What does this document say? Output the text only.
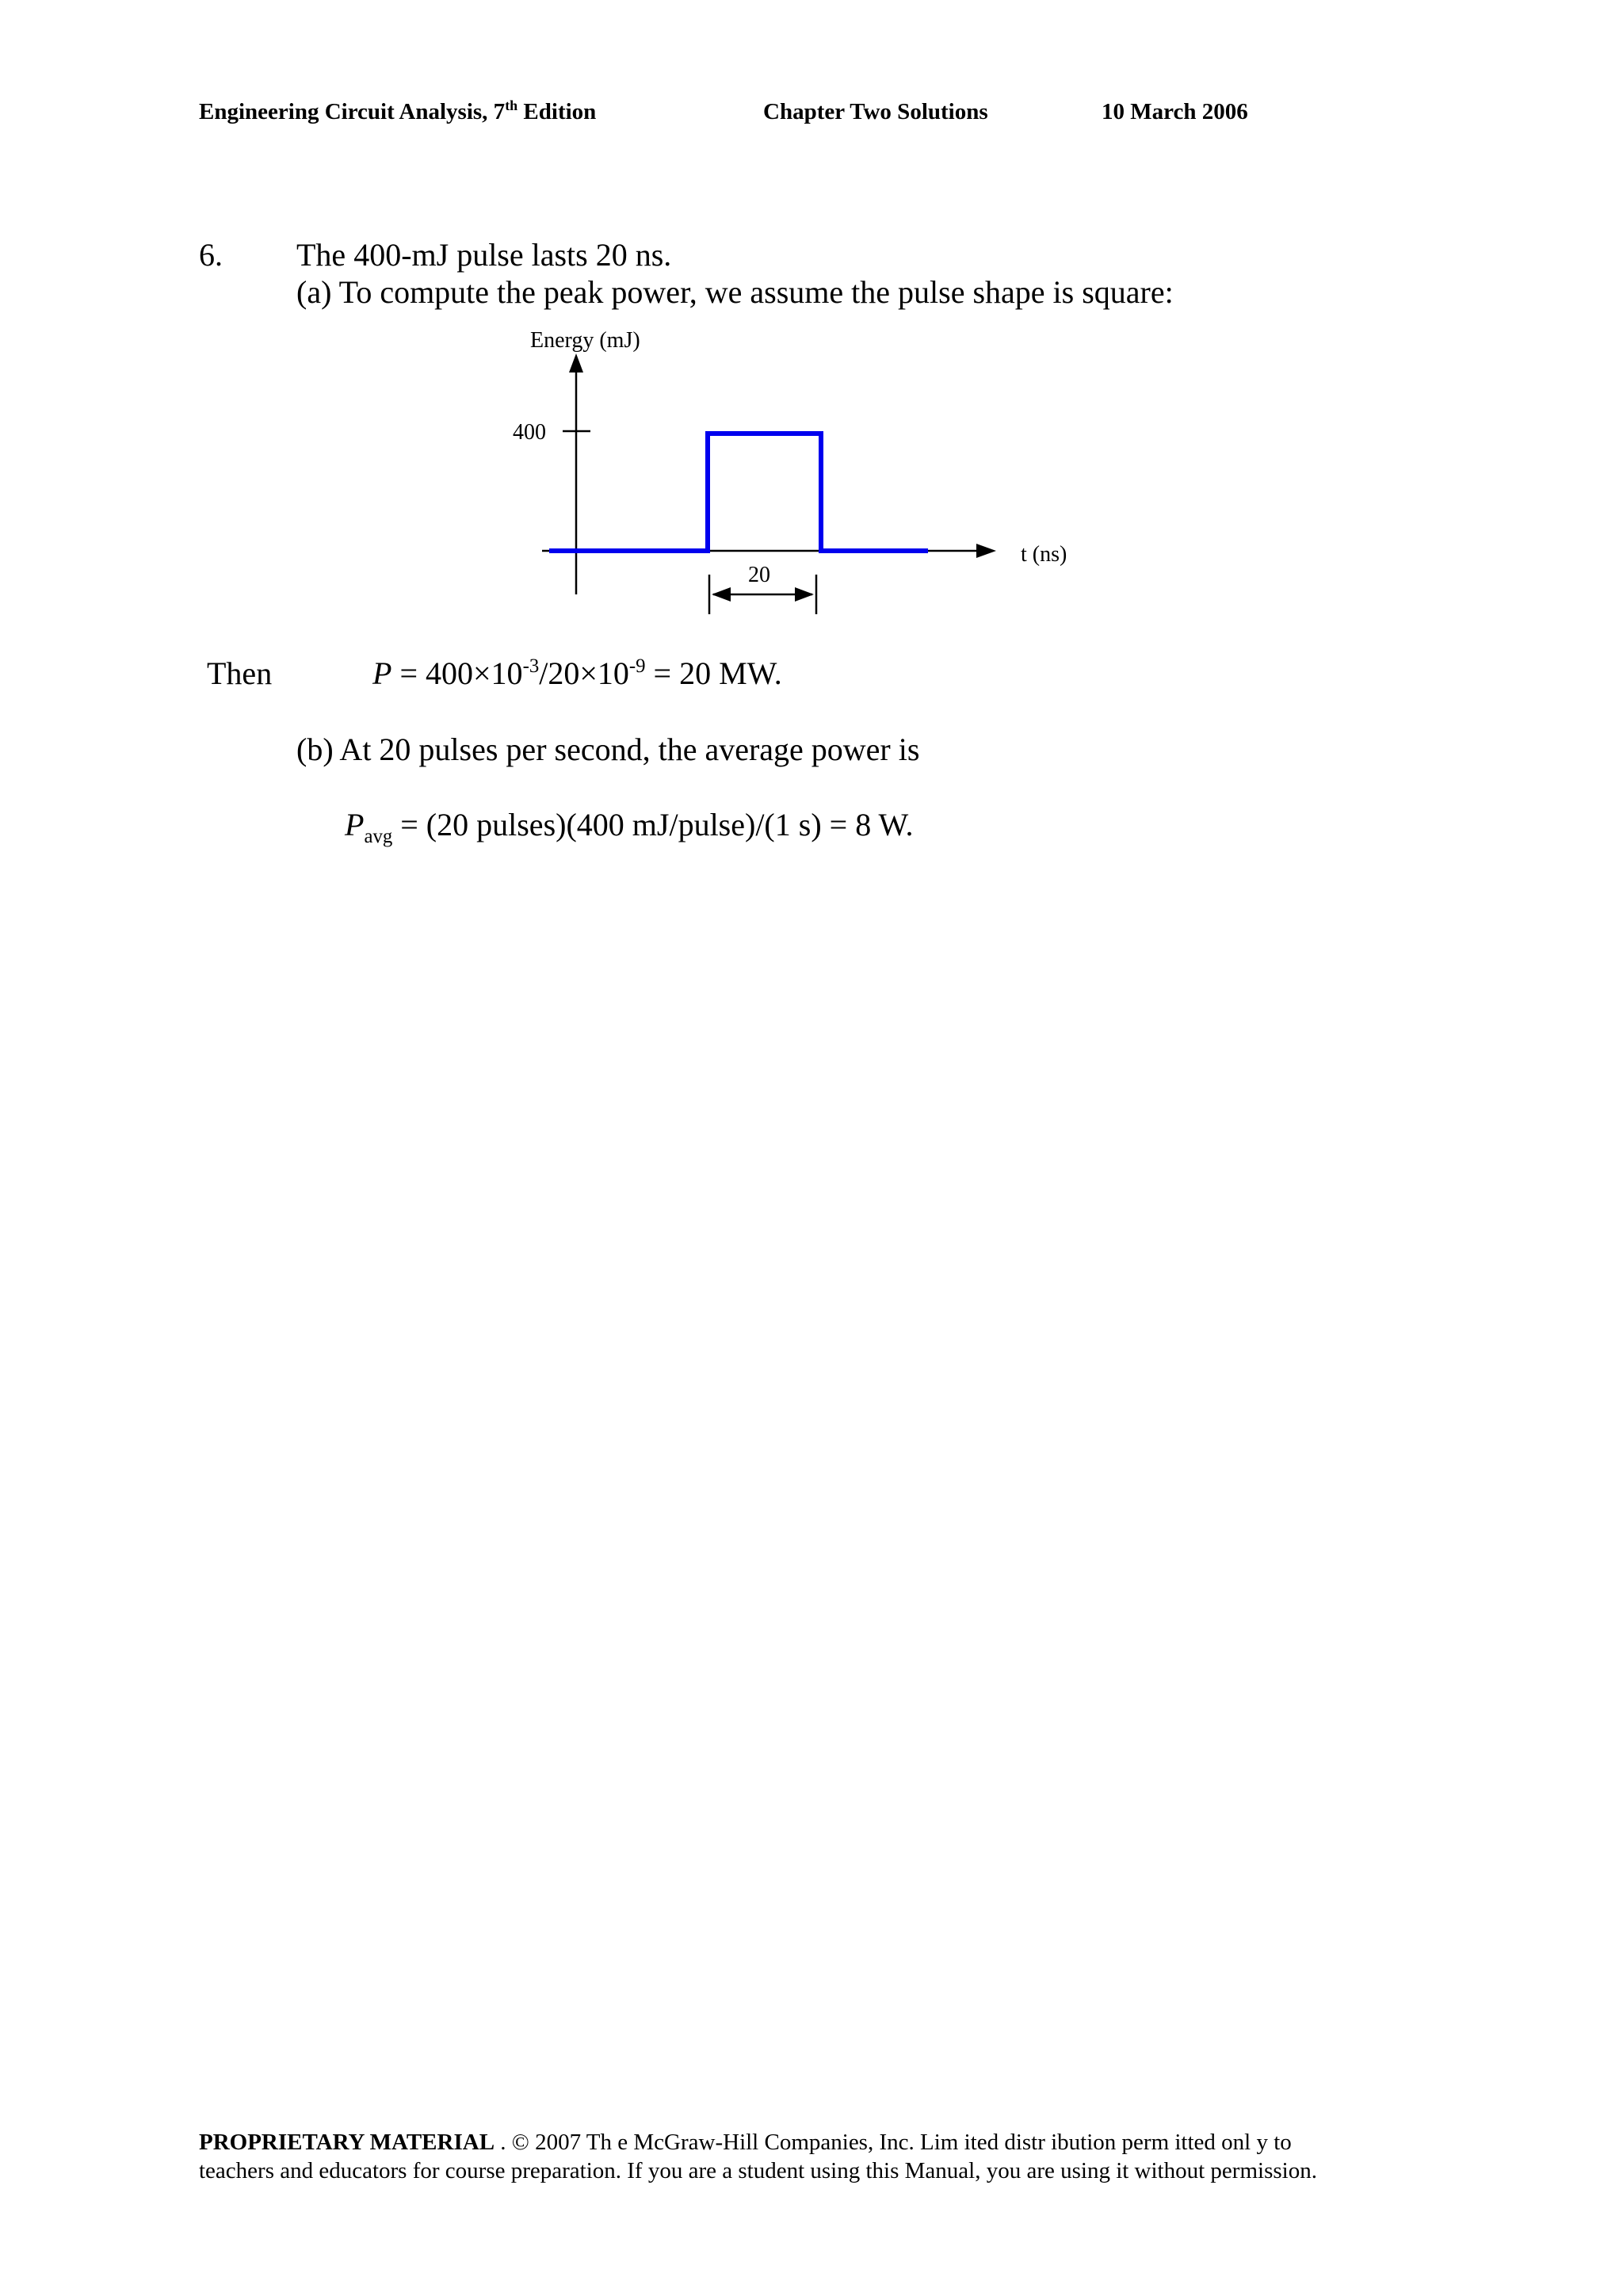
Engineering Circuit Analysis, 7th Edition	Chapter Two Solutions	10 March 2006
6. The 400-mJ pulse lasts 20 ns.
(a) To compute the peak power, we assume the pulse shape is square:
Energy (mJ)
400
t (ns)
20
Then	$P = 400\times 10^{-3}/20\times 10^{-9} = 20$ MW.
(b) At 20 pulses per second, the average power is
$P_{avg} = (20$ pulses)(400 mJ/pulse)/(1 s) = 8 W.
PROPRIETARY MATERIAL . © 2007 Th e McGraw-Hill Companies, Inc. Lim ited distr ibution perm itted onl y to
teachers and educators for course preparation. If you are a student using this Manual, you are using it without permission.
